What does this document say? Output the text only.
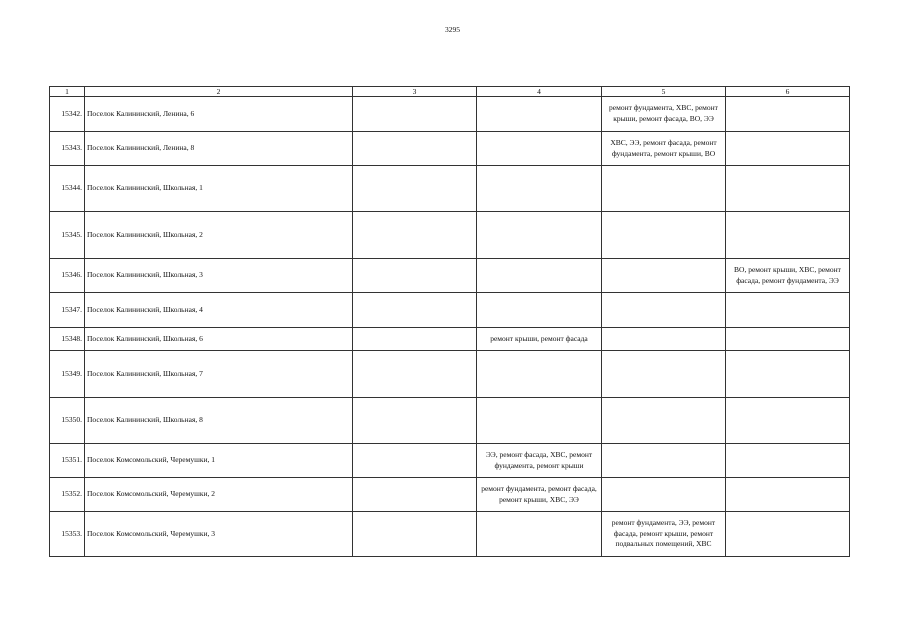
3295
1	2	3	4	5	6
15342.	Поселок Калининский, Ленина, 6			ремонт фундамента, ХВС, ремонт крыши, ремонт фасада, ВО, ЭЭ	
15343.	Поселок Калининский, Ленина, 8			ХВС, ЭЭ, ремонт фасада, ремонт фундамента, ремонт крыши, ВО	
15344.	Поселок Калининский, Школьная, 1				
15345.	Поселок Калининский, Школьная, 2				
15346.	Поселок Калининский, Школьная, 3				ВО, ремонт крыши, ХВС, ремонт фасада, ремонт фундамента, ЭЭ
15347.	Поселок Калининский, Школьная, 4				
15348.	Поселок Калининский, Школьная, 6		ремонт крыши, ремонт фасада		
15349.	Поселок Калининский, Школьная, 7				
15350.	Поселок Калининский, Школьная, 8				
15351.	Поселок Комсомольский, Черемушки, 1		ЭЭ, ремонт фасада, ХВС, ремонт фундамента, ремонт крыши		
15352.	Поселок Комсомольский, Черемушки, 2		ремонт фундамента, ремонт фасада, ремонт крыши, ХВС, ЭЭ		
15353.	Поселок Комсомольский, Черемушки, 3			ремонт фундамента, ЭЭ, ремонт фасада, ремонт крыши, ремонт подвальных помещений, ХВС	
